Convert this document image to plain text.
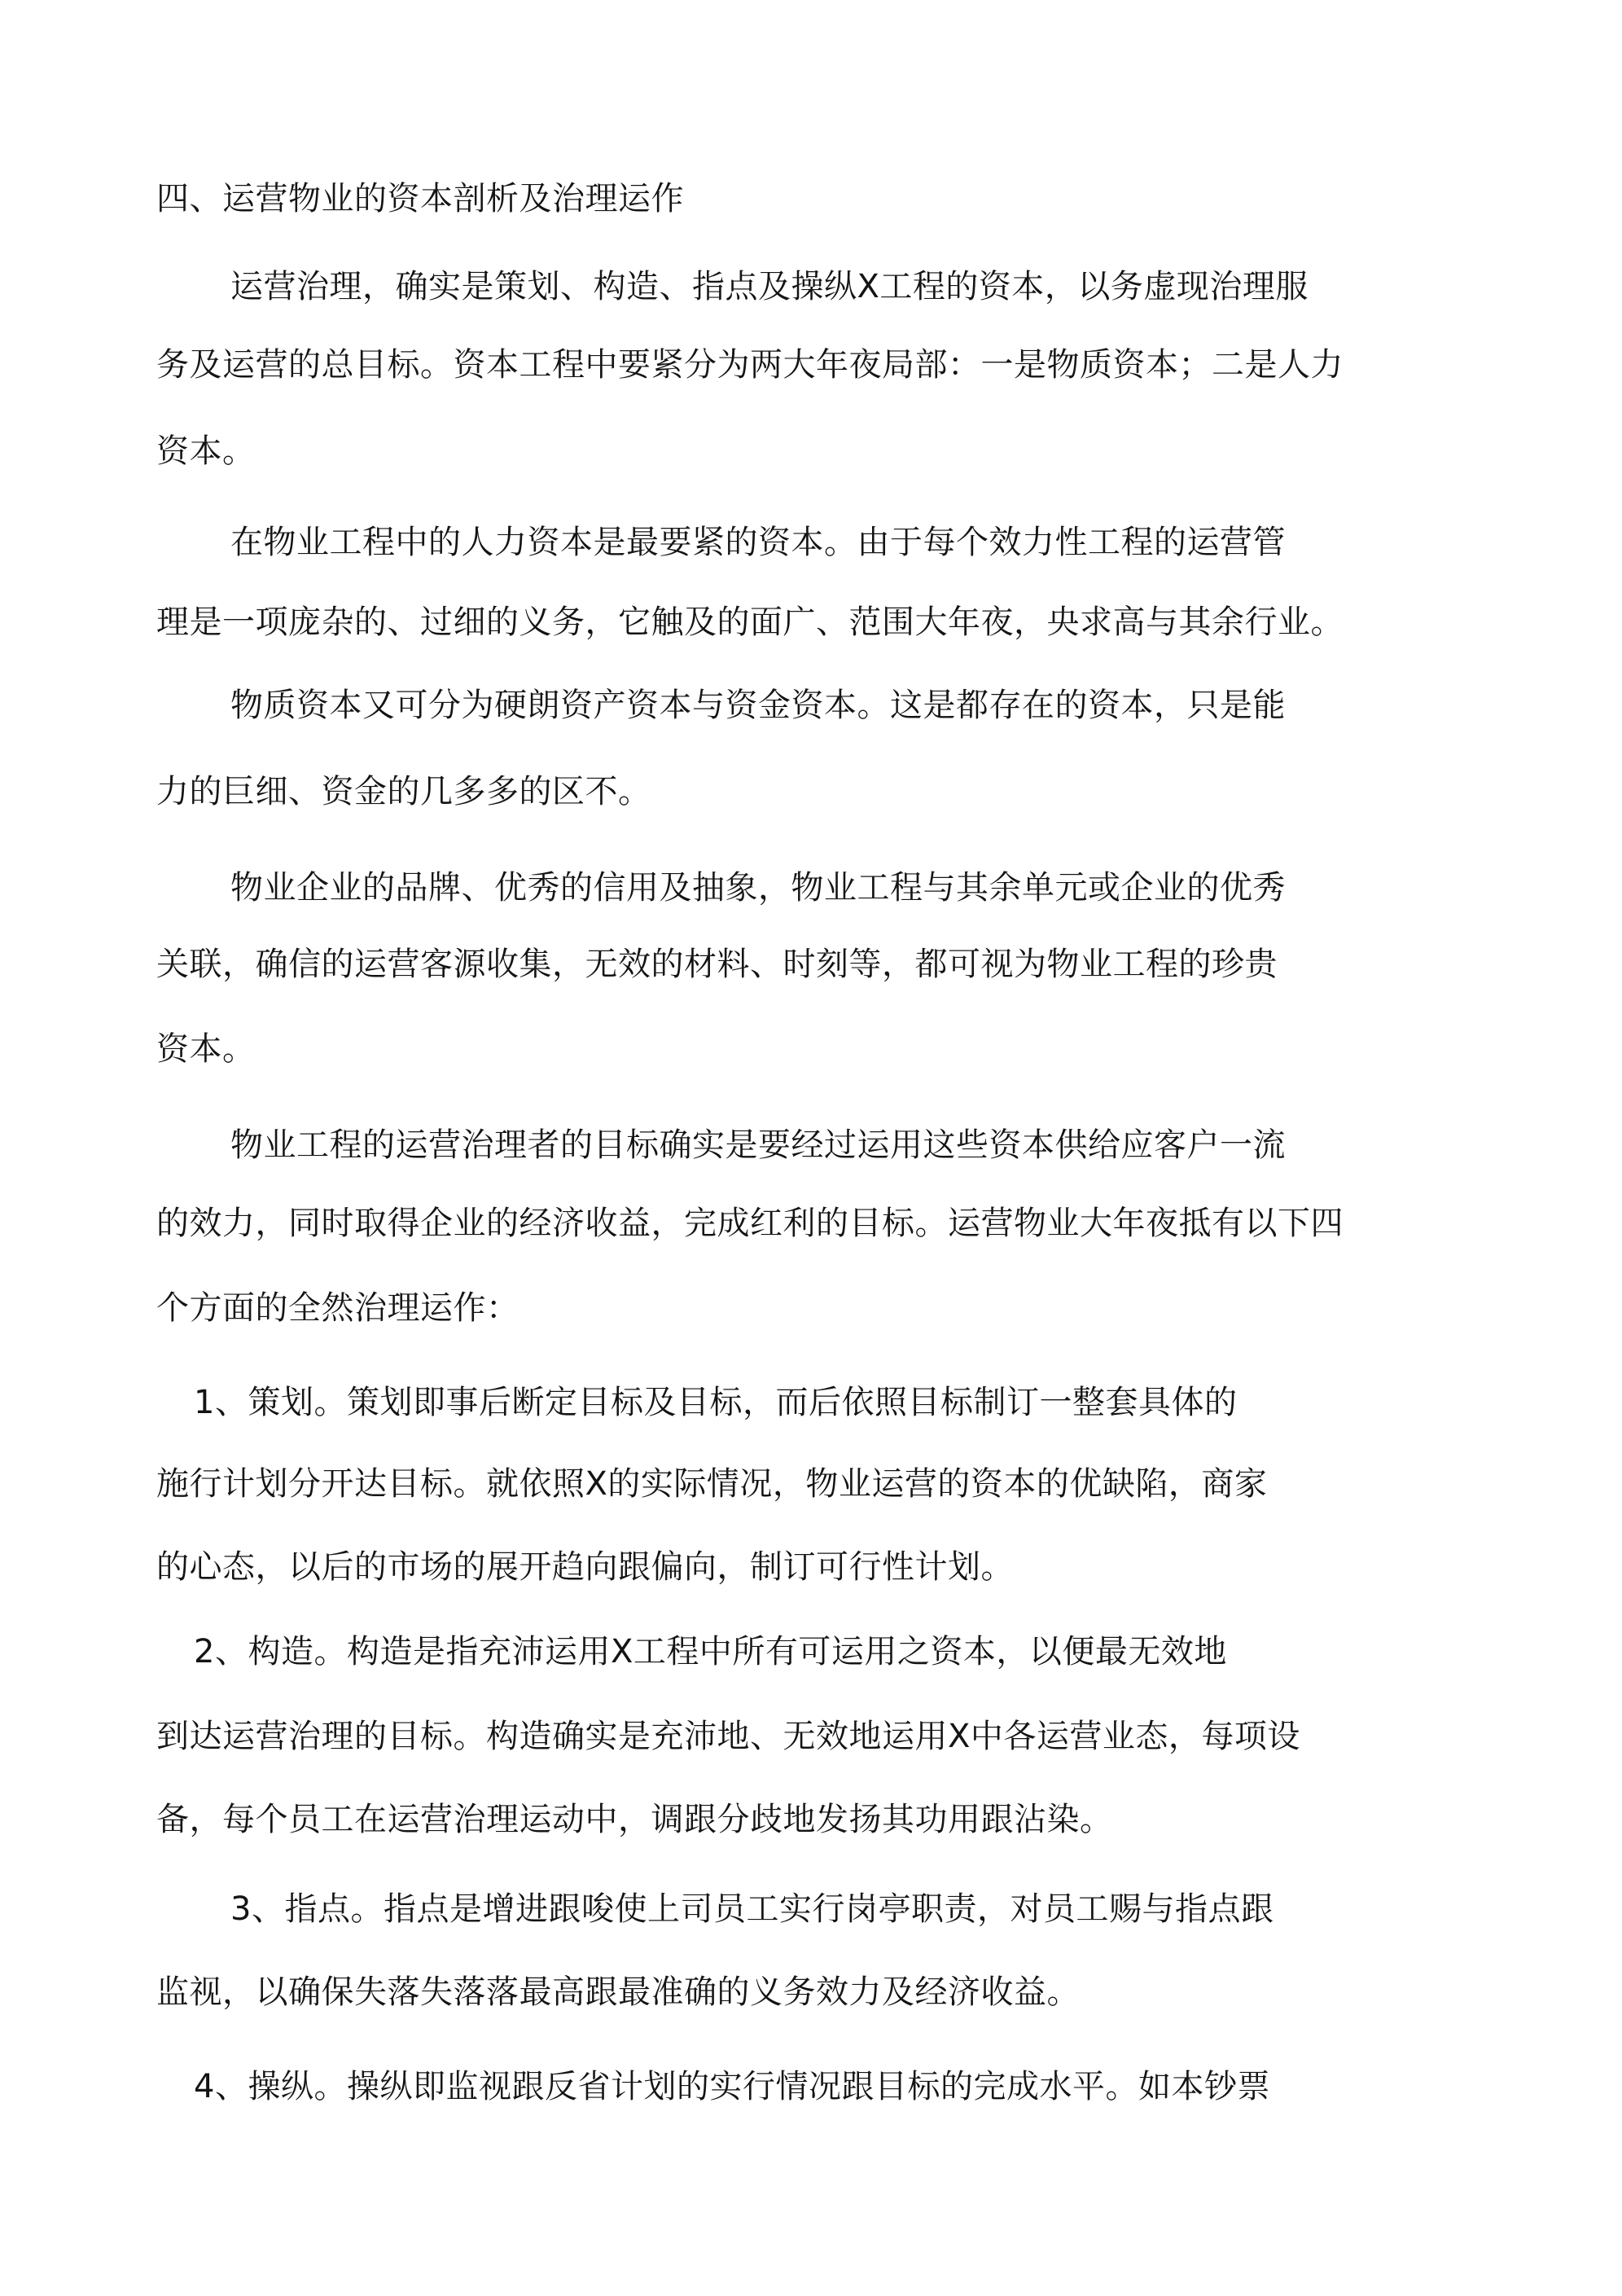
四、运营物业的资本剖析及治理运作
运营治理，确实是策划、构造、指点及操纵X工程的资本，以务虚现治理服
务及运营的总目标。资本工程中要紧分为两大年夜局部：一是物质资本；二是人力
资本。
在物业工程中的人力资本是最要紧的资本。由于每个效力性工程的运营管
理是一项庞杂的、过细的义务，它触及的面广、范围大年夜，央求高与其余行业。
物质资本又可分为硬朗资产资本与资金资本。这是都存在的资本，只是能
力的巨细、资金的几多多的区不。
物业企业的品牌、优秀的信用及抽象，物业工程与其余单元或企业的优秀
关联，确信的运营客源收集，无效的材料、时刻等，都可视为物业工程的珍贵
资本。
物业工程的运营治理者的目标确实是要经过运用这些资本供给应客户一流
的效力，同时取得企业的经济收益，完成红利的目标。运营物业大年夜抵有以下四
个方面的全然治理运作：
1、策划。策划即事后断定目标及目标，而后依照目标制订一整套具体的
施行计划分开达目标。就依照X的实际情况，物业运营的资本的优缺陷，商家
的心态，以后的市场的展开趋向跟偏向，制订可行性计划。
2、构造。构造是指充沛运用X工程中所有可运用之资本，以便最无效地
到达运营治理的目标。构造确实是充沛地、无效地运用X中各运营业态，每项设
备，每个员工在运营治理运动中，调跟分歧地发扬其功用跟沾染。
3、指点。指点是增进跟唆使上司员工实行岗亭职责，对员工赐与指点跟
监视，以确保失落失落落最高跟最准确的义务效力及经济收益。
4、操纵。操纵即监视跟反省计划的实行情况跟目标的完成水平。如本钞票
